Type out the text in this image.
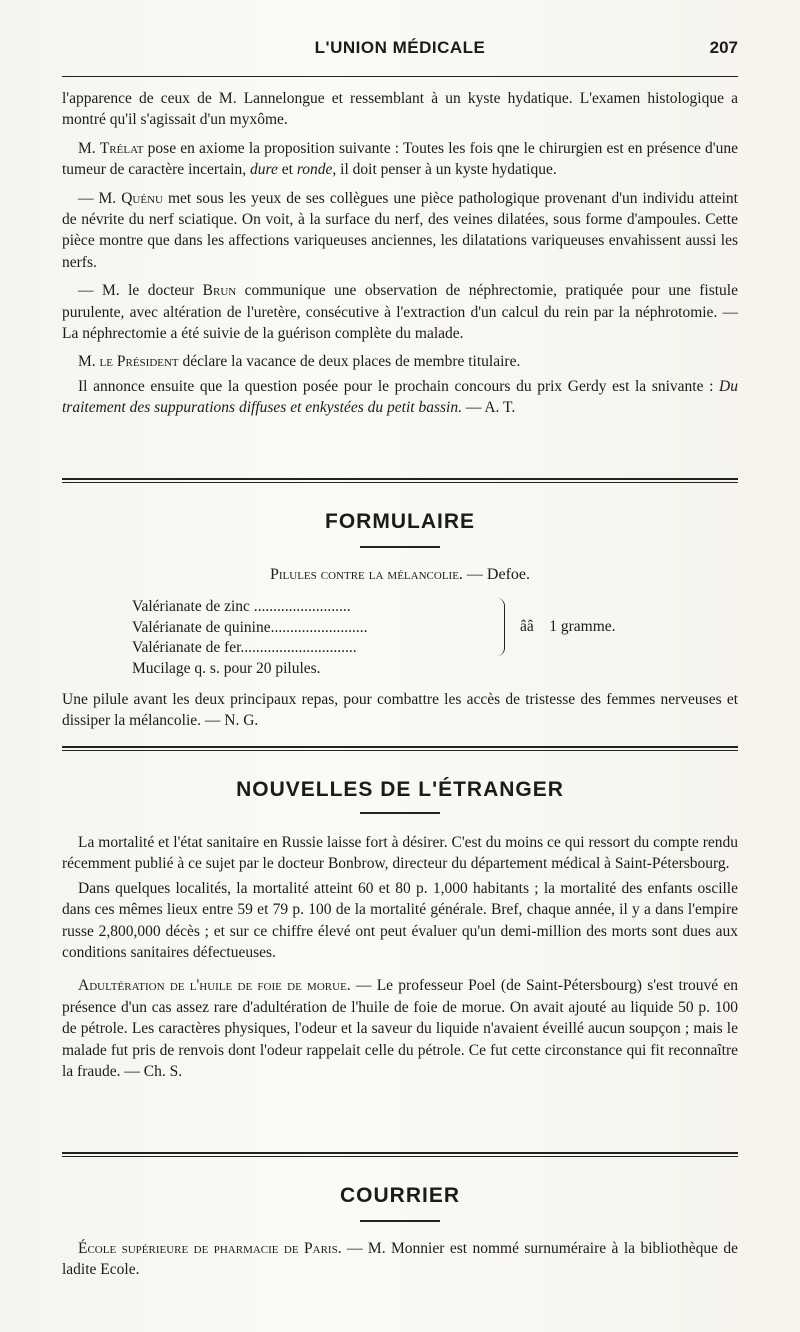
L'UNION MÉDICALE	207

l'apparence de ceux de M. Lannelongue et ressemblant à un kyste hydatique. L'examen histologique a montré qu'il s'agissait d'un myxôme.

M. Trélat pose en axiome la proposition suivante : Toutes les fois qne le chirurgien est en présence d'une tumeur de caractère incertain, dure et ronde, il doit penser à un kyste hydatique.

— M. Quénu met sous les yeux de ses collègues une pièce pathologique provenant d'un individu atteint de névrite du nerf sciatique. On voit, à la surface du nerf, des veines dilatées, sous forme d'ampoules. Cette pièce montre que dans les affections variqueuses anciennes, les dilatations variqueuses envahissent aussi les nerfs.

— M. le docteur Brun communique une observation de néphrectomie, pratiquée pour une fistule purulente, avec altération de l'uretère, consécutive à l'extraction d'un calcul du rein par la néphrotomie. — La néphrectomie a été suivie de la guérison complète du malade.

M. le Président déclare la vacance de deux places de membre titulaire.

Il annonce ensuite que la question posée pour le prochain concours du prix Gerdy est la snivante : Du traitement des suppurations diffuses et enkystées du petit bassin. — A. T.

FORMULAIRE
Pilules contre la mélancolie. — Defoe.
Valérianate de zinc .........................
Valérianate de quinine.........................
Valérianate de fer..............................
Mucilage q. s. pour 20 pilules.
ââ    1 gramme.

Une pilule avant les deux principaux repas, pour combattre les accès de tristesse des femmes nerveuses et dissiper la mélancolie. — N. G.

NOUVELLES DE L'ÉTRANGER

La mortalité et l'état sanitaire en Russie laisse fort à désirer. C'est du moins ce qui ressort du compte rendu récemment publié à ce sujet par le docteur Bonbrow, directeur du département médical à Saint-Pétersbourg.

Dans quelques localités, la mortalité atteint 60 et 80 p. 1,000 habitants ; la mortalité des enfants oscille dans ces mêmes lieux entre 59 et 79 p. 100 de la mortalité générale. Bref, chaque année, il y a dans l'empire russe 2,800,000 décès ; et sur ce chiffre élevé ont peut évaluer qu'un demi-million des morts sont dues aux conditions sanitaires défectueuses.

Adultération de l'huile de foie de morue. — Le professeur Poel (de Saint-Pétersbourg) s'est trouvé en présence d'un cas assez rare d'adultération de l'huile de foie de morue. On avait ajouté au liquide 50 p. 100 de pétrole. Les caractères physiques, l'odeur et la saveur du liquide n'avaient éveillé aucun soupçon ; mais le malade fut pris de renvois dont l'odeur rappelait celle du pétrole. Ce fut cette circonstance qui fit reconnaître la fraude. — Ch. S.

COURRIER

École supérieure de pharmacie de Paris. — M. Monnier est nommé surnuméraire à la bibliothèque de ladite Ecole.
